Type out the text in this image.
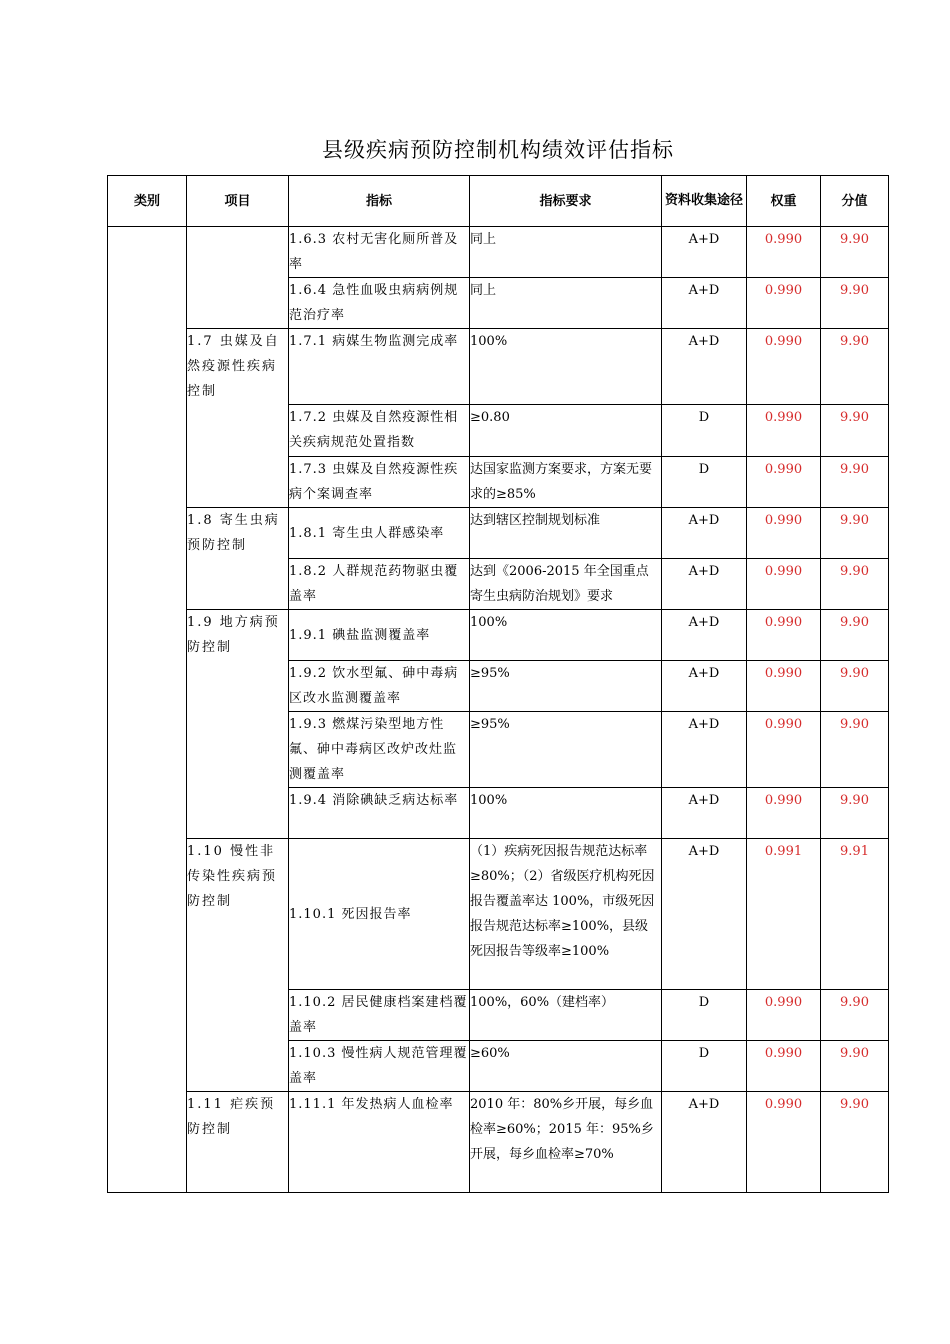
县级疾病预防控制机构绩效评估指标
类别	项目	指标	指标要求	资料收集途径	权重	分值
		1.6.3 农村无害化厕所普及率	同上	A+D	0.990	9.90
		1.6.4 急性血吸虫病病例规范治疗率	同上	A+D	0.990	9.90
	1.7 虫媒及自然疫源性疾病控制	1.7.1 病媒生物监测完成率	100%	A+D	0.990	9.90
		1.7.2 虫媒及自然疫源性相关疾病规范处置指数	≥0.80	D	0.990	9.90
		1.7.3 虫媒及自然疫源性疾病个案调查率	达国家监测方案要求，方案无要求的≥85%	D	0.990	9.90
	1.8 寄生虫病预防控制	1.8.1 寄生虫人群感染率	达到辖区控制规划标准	A+D	0.990	9.90
		1.8.2 人群规范药物驱虫覆盖率	达到《2006-2015 年全国重点寄生虫病防治规划》要求	A+D	0.990	9.90
	1.9 地方病预防控制	1.9.1 碘盐监测覆盖率	100%	A+D	0.990	9.90
		1.9.2 饮水型氟、砷中毒病区改水监测覆盖率	≥95%	A+D	0.990	9.90
		1.9.3 燃煤污染型地方性氟、砷中毒病区改炉改灶监测覆盖率	≥95%	A+D	0.990	9.90
		1.9.4 消除碘缺乏病达标率	100%	A+D	0.990	9.90
	1.10 慢性非传染性疾病预防控制	1.10.1 死因报告率	（1）疾病死因报告规范达标率≥80%；（2）省级医疗机构死因报告覆盖率达 100%，市级死因报告规范达标率≥100%，县级死因报告等级率≥100%	A+D	0.991	9.91
		1.10.2 居民健康档案建档覆盖率	100%，60%（建档率）	D	0.990	9.90
		1.10.3 慢性病人规范管理覆盖率	≥60%	D	0.990	9.90
	1.11 疟疾预防控制	1.11.1 年发热病人血检率	2010 年：80%乡开展，每乡血检率≥60%；2015 年：95%乡开展，每乡血检率≥70%	A+D	0.990	9.90
